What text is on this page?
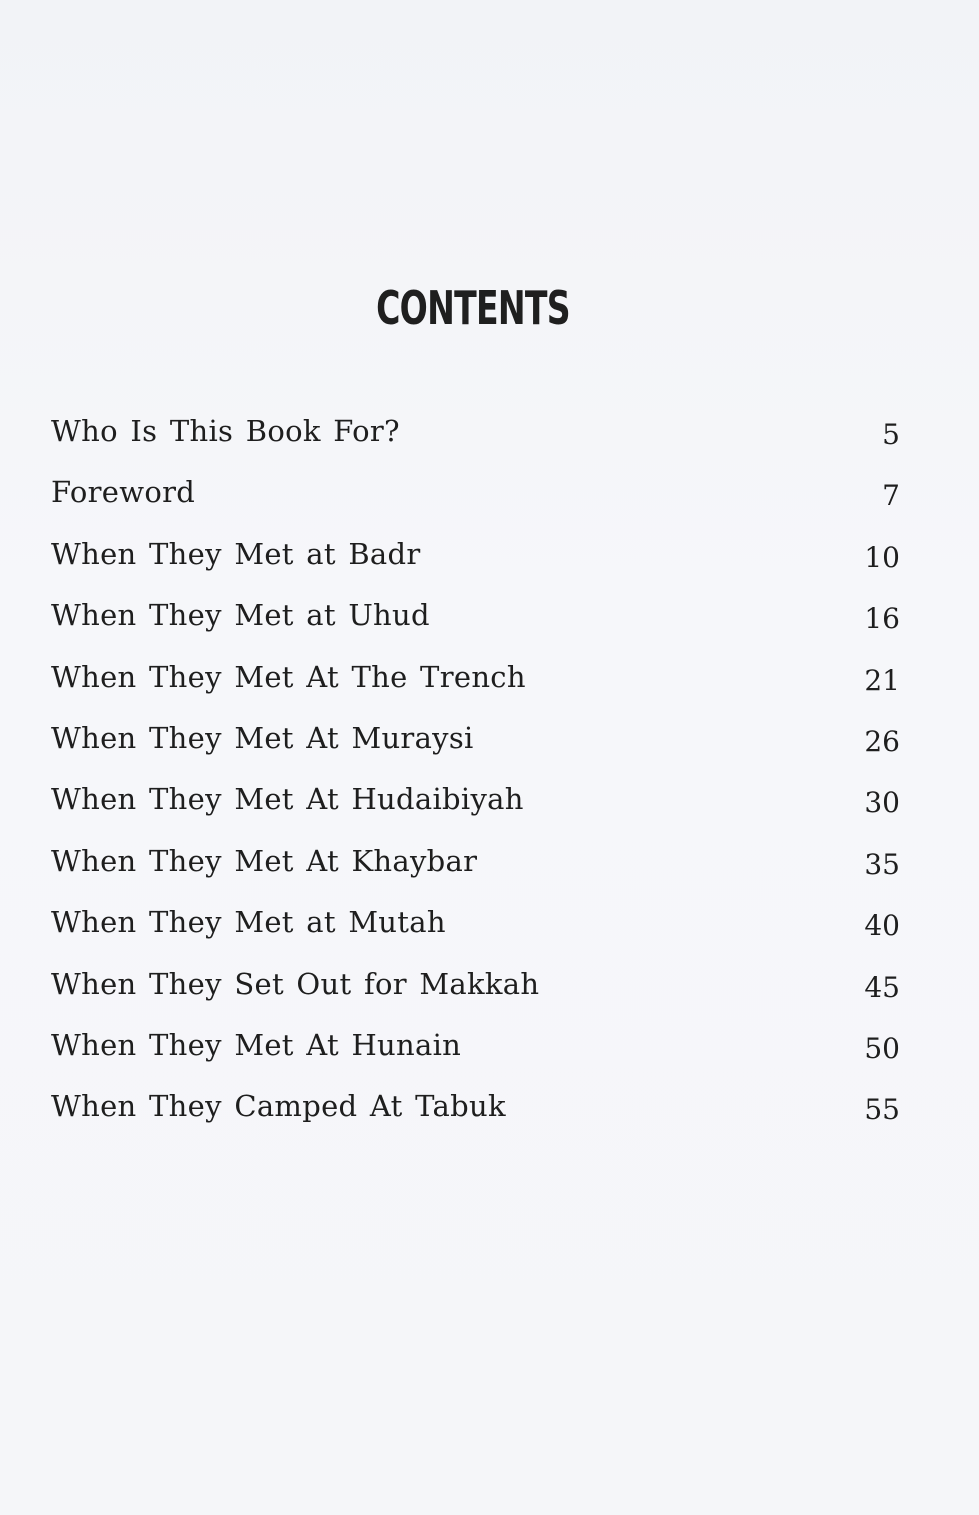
CONTENTS
Who Is This Book For?	5
Foreword	7
When They Met at Badr	10
When They Met at Uhud	16
When They Met At The Trench	21
When They Met At Muraysi	26
When They Met At Hudaibiyah	30
When They Met At Khaybar	35
When They Met at Mutah	40
When They Set Out for Makkah	45
When They Met At Hunain	50
When They Camped At Tabuk	55
